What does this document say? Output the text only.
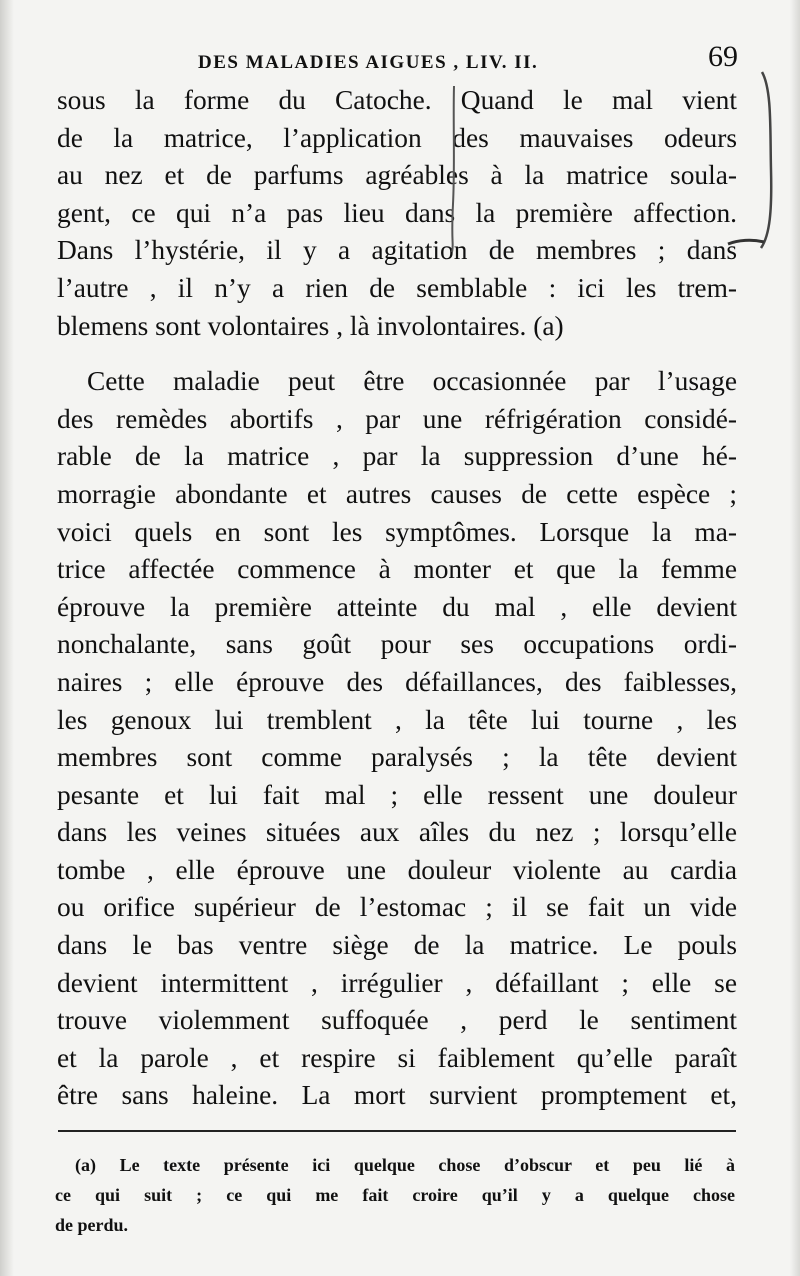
DES MALADIES AIGUES , LIV. II.	69
sous la forme du Catoche. Quand le mal vient
de la matrice, l’application des mauvaises odeurs
au nez et de parfums agréables à la matrice soula-
gent, ce qui n’a pas lieu dans la première affection.
Dans l’hystérie, il y a agitation de membres ; dans
l’autre , il n’y a rien de semblable : ici les trem-
blemens sont volontaires , là involontaires. (a)
Cette maladie peut être occasionnée par l’usage
des remèdes abortifs , par une réfrigération considé-
rable de la matrice , par la suppression d’une hé-
morragie abondante et autres causes de cette espèce ;
voici quels en sont les symptômes. Lorsque la ma-
trice affectée commence à monter et que la femme
éprouve la première atteinte du mal , elle devient
nonchalante, sans goût pour ses occupations ordi-
naires ; elle éprouve des défaillances, des faiblesses,
les genoux lui tremblent , la tête lui tourne , les
membres sont comme paralysés ; la tête devient
pesante et lui fait mal ; elle ressent une douleur
dans les veines situées aux aîles du nez ; lorsqu’elle
tombe , elle éprouve une douleur violente au cardia
ou orifice supérieur de l’estomac ; il se fait un vide
dans le bas ventre siège de la matrice. Le pouls
devient intermittent , irrégulier , défaillant ; elle se
trouve violemment suffoquée , perd le sentiment
et la parole , et respire si faiblement qu’elle paraît
être sans haleine. La mort survient promptement et,
(a) Le texte présente ici quelque chose d’obscur et peu lié à
ce qui suit ; ce qui me fait croire qu’il y a quelque chose
de perdu.
